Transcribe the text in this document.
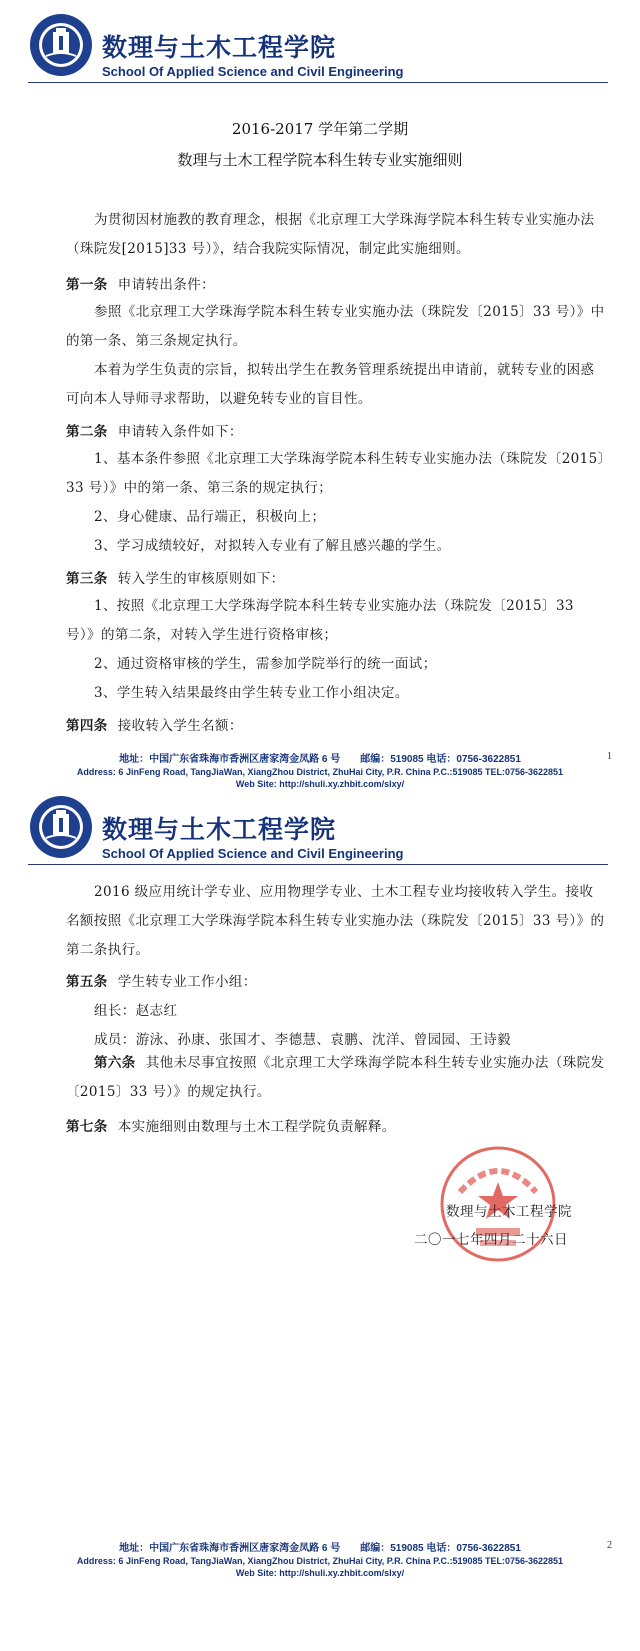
数理与土木工程学院
School Of Applied Science and Civil Engineering
2016-2017 学年第二学期
数理与土木工程学院本科生转专业实施细则
为贯彻因材施教的教育理念，根据《北京理工大学珠海学院本科生转专业实施办法（珠院发[2015]33 号）》，结合我院实际情况，制定此实施细则。
第一条 申请转出条件：
参照《北京理工大学珠海学院本科生转专业实施办法（珠院发〔2015〕33 号）》中的第一条、第三条规定执行。
本着为学生负责的宗旨，拟转出学生在教务管理系统提出申请前，就转专业的困惑可向本人导师寻求帮助，以避免转专业的盲目性。
第二条 申请转入条件如下：
1、基本条件参照《北京理工大学珠海学院本科生转专业实施办法（珠院发〔2015〕33 号）》中的第一条、第三条的规定执行；
2、身心健康、品行端正，积极向上；
3、学习成绩较好，对拟转入专业有了解且感兴趣的学生。
第三条 转入学生的审核原则如下：
1、按照《北京理工大学珠海学院本科生转专业实施办法（珠院发〔2015〕33 号）》的第二条，对转入学生进行资格审核；
2、通过资格审核的学生，需参加学院举行的统一面试；
3、学生转入结果最终由学生转专业工作小组决定。
第四条 接收转入学生名额：
地址：中国广东省珠海市香洲区唐家湾金凤路 6 号　　邮编：519085 电话：0756-3622851
Address: 6 JinFeng Road, TangJiaWan, XiangZhou District, ZhuHai City, P.R. China P.C.:519085 TEL:0756-3622851
Web Site: http://shuli.xy.zhbit.com/slxy/
1
数理与土木工程学院
School Of Applied Science and Civil Engineering
2016 级应用统计学专业、应用物理学专业、土木工程专业均接收转入学生。接收名额按照《北京理工大学珠海学院本科生转专业实施办法（珠院发〔2015〕33 号）》的第二条执行。
第五条 学生转专业工作小组：
组长：赵志红
成员：游泳、孙康、张国才、李德慧、袁鹏、沈洋、曾园园、王诗毅
第六条 其他未尽事宜按照《北京理工大学珠海学院本科生转专业实施办法（珠院发〔2015〕33 号）》的规定执行。
第七条 本实施细则由数理与土木工程学院负责解释。
数理与土木工程学院
二〇一七年四月二十六日
地址：中国广东省珠海市香洲区唐家湾金凤路 6 号　　邮编：519085 电话：0756-3622851
Address: 6 JinFeng Road, TangJiaWan, XiangZhou District, ZhuHai City, P.R. China P.C.:519085 TEL:0756-3622851
Web Site: http://shuli.xy.zhbit.com/slxy/
2
